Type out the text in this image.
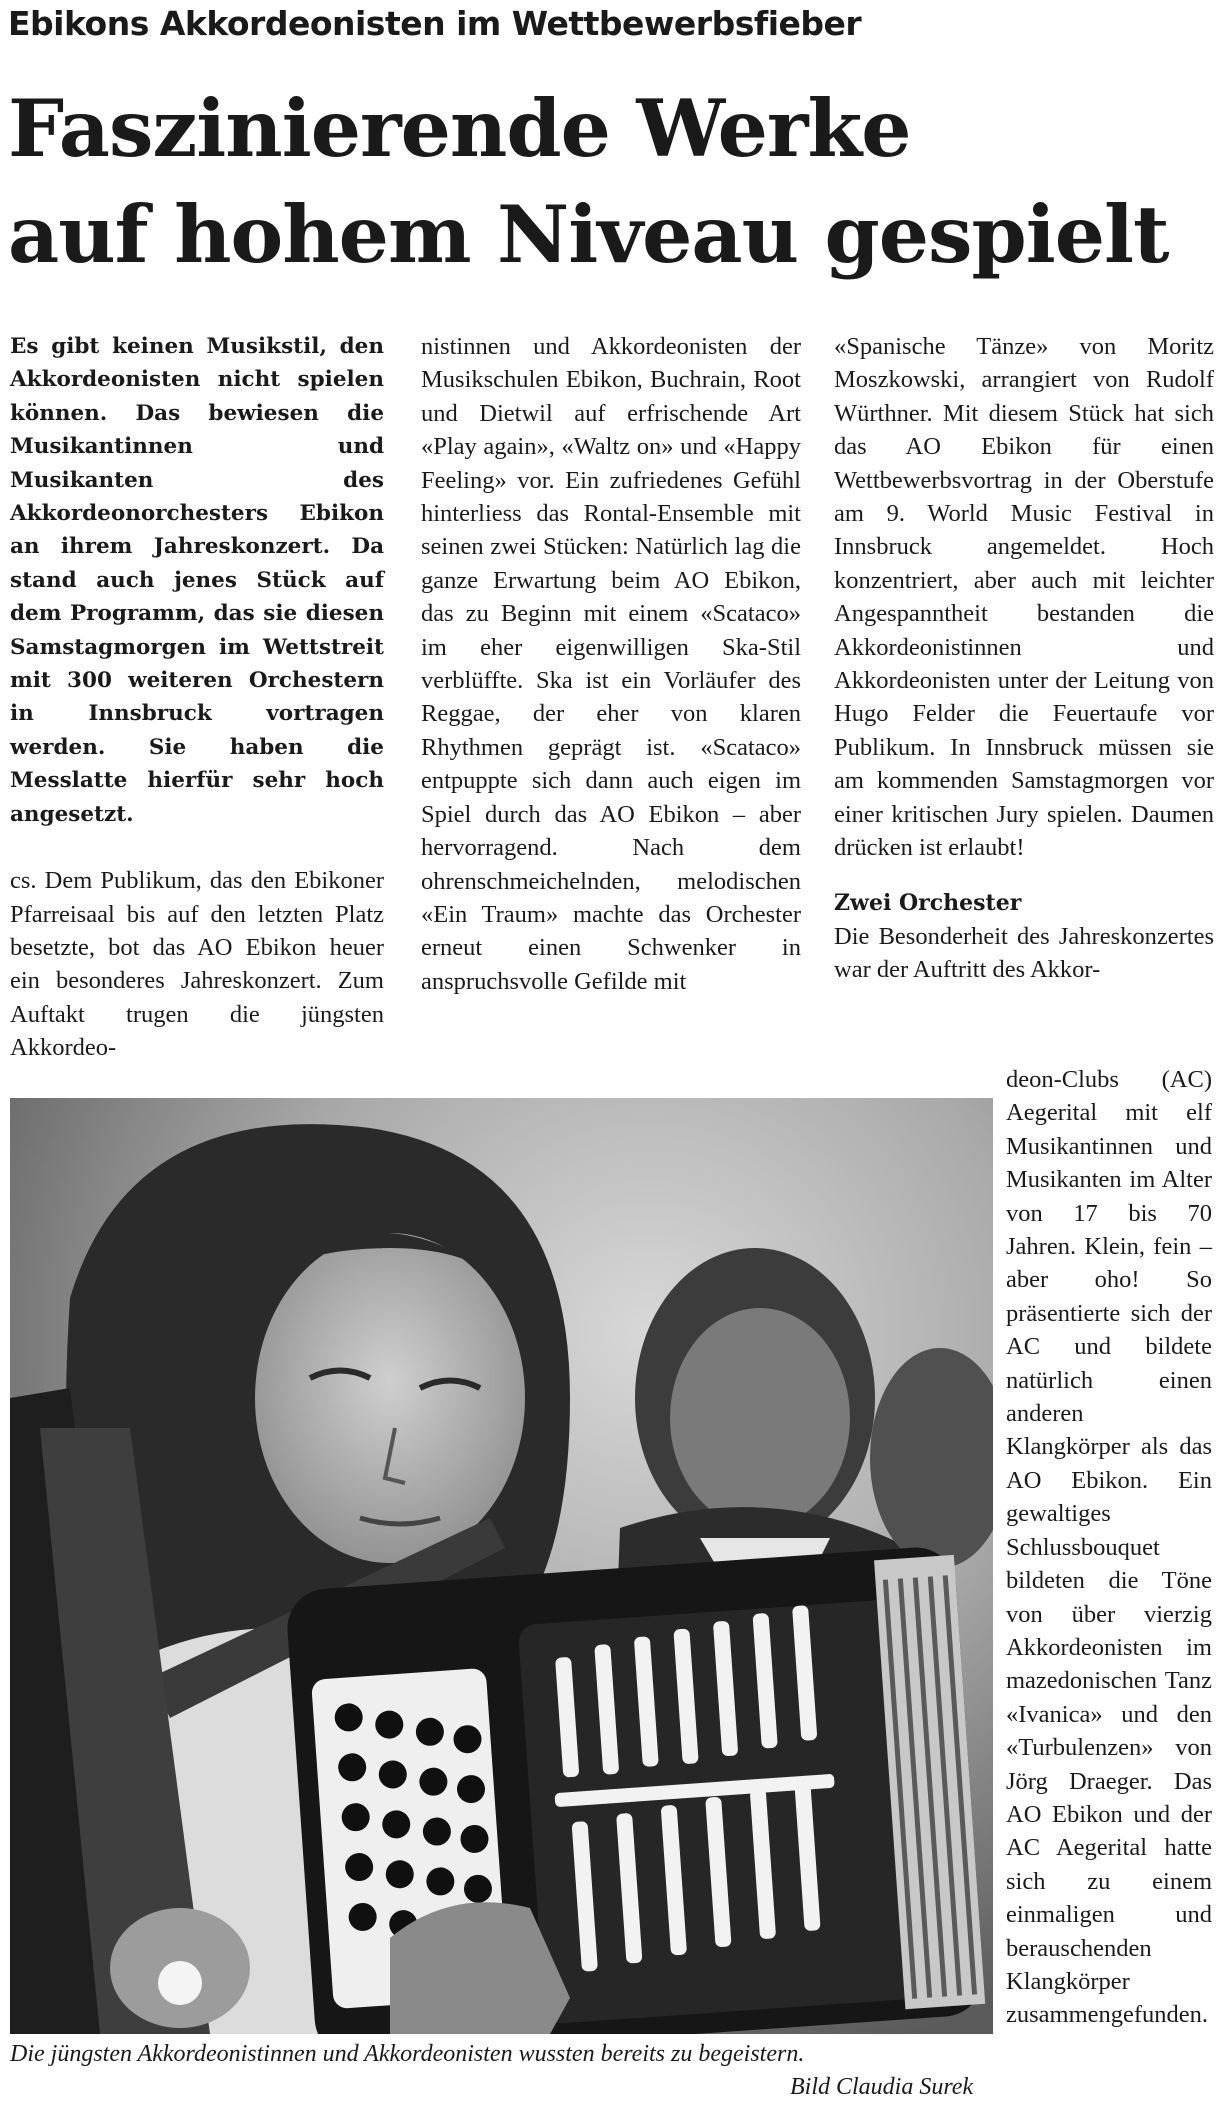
Ebikons Akkordeonisten im Wettbewerbsfieber
Faszinierende Werke
auf hohem Niveau gespielt

Es gibt keinen Musikstil, den Akkordeonisten nicht spielen können. Das bewiesen die Musikantinnen und Musikanten des Akkordeonorchesters Ebikon an ihrem Jahreskonzert. Da stand auch jenes Stück auf dem Programm, das sie diesen Samstagmorgen im Wettstreit mit 300 weiteren Orchestern in Innsbruck vortragen werden. Sie haben die Messlatte hierfür sehr hoch angesetzt.

cs. Dem Publikum, das den Ebikoner Pfarreisaal bis auf den letzten Platz besetzte, bot das AO Ebikon heuer ein besonderes Jahreskonzert. Zum Auftakt trugen die jüngsten Akkordeo-

nistinnen und Akkordeonisten der Musikschulen Ebikon, Buchrain, Root und Dietwil auf erfrischende Art «Play again», «Waltz on» und «Happy Feeling» vor. Ein zufriedenes Gefühl hinterliess das Rontal-Ensemble mit seinen zwei Stücken: Natürlich lag die ganze Erwartung beim AO Ebikon, das zu Beginn mit einem «Scataco» im eher eigenwilligen Ska-Stil verblüffte. Ska ist ein Vorläufer des Reggae, der eher von klaren Rhythmen geprägt ist. «Scataco» entpuppte sich dann auch eigen im Spiel durch das AO Ebikon – aber hervorragend. Nach dem ohrenschmeichelnden, melodischen «Ein Traum» machte das Orchester erneut einen Schwenker in anspruchsvolle Gefilde mit

«Spanische Tänze» von Moritz Moszkowski, arrangiert von Rudolf Würthner. Mit diesem Stück hat sich das AO Ebikon für einen Wettbewerbsvortrag in der Oberstufe am 9. World Music Festival in Innsbruck angemeldet. Hoch konzentriert, aber auch mit leichter Angespanntheit bestanden die Akkordeonistinnen und Akkordeonisten unter der Leitung von Hugo Felder die Feuertaufe vor Publikum. In Innsbruck müssen sie am kommenden Samstagmorgen vor einer kritischen Jury spielen. Daumen drücken ist erlaubt!

Zwei Orchester

Die Besonderheit des Jahreskonzertes war der Auftritt des Akkor-

deon-Clubs (AC) Aegerital mit elf Musikantinnen und Musikanten im Alter von 17 bis 70 Jahren. Klein, fein – aber oho! So präsentierte sich der AC und bildete natürlich einen anderen Klangkörper als das AO Ebikon. Ein gewaltiges Schlussbouquet bildeten die Töne von über vierzig Akkordeonisten im mazedonischen Tanz «Ivanica» und den «Turbulenzen» von Jörg Draeger. Das AO Ebikon und der AC Aegerital hatte sich zu einem einmaligen und berauschenden Klangkörper zusammengefunden.

Die jüngsten Akkordeonistinnen und Akkordeonisten wussten bereits zu begeistern.
Bild Claudia Surek
